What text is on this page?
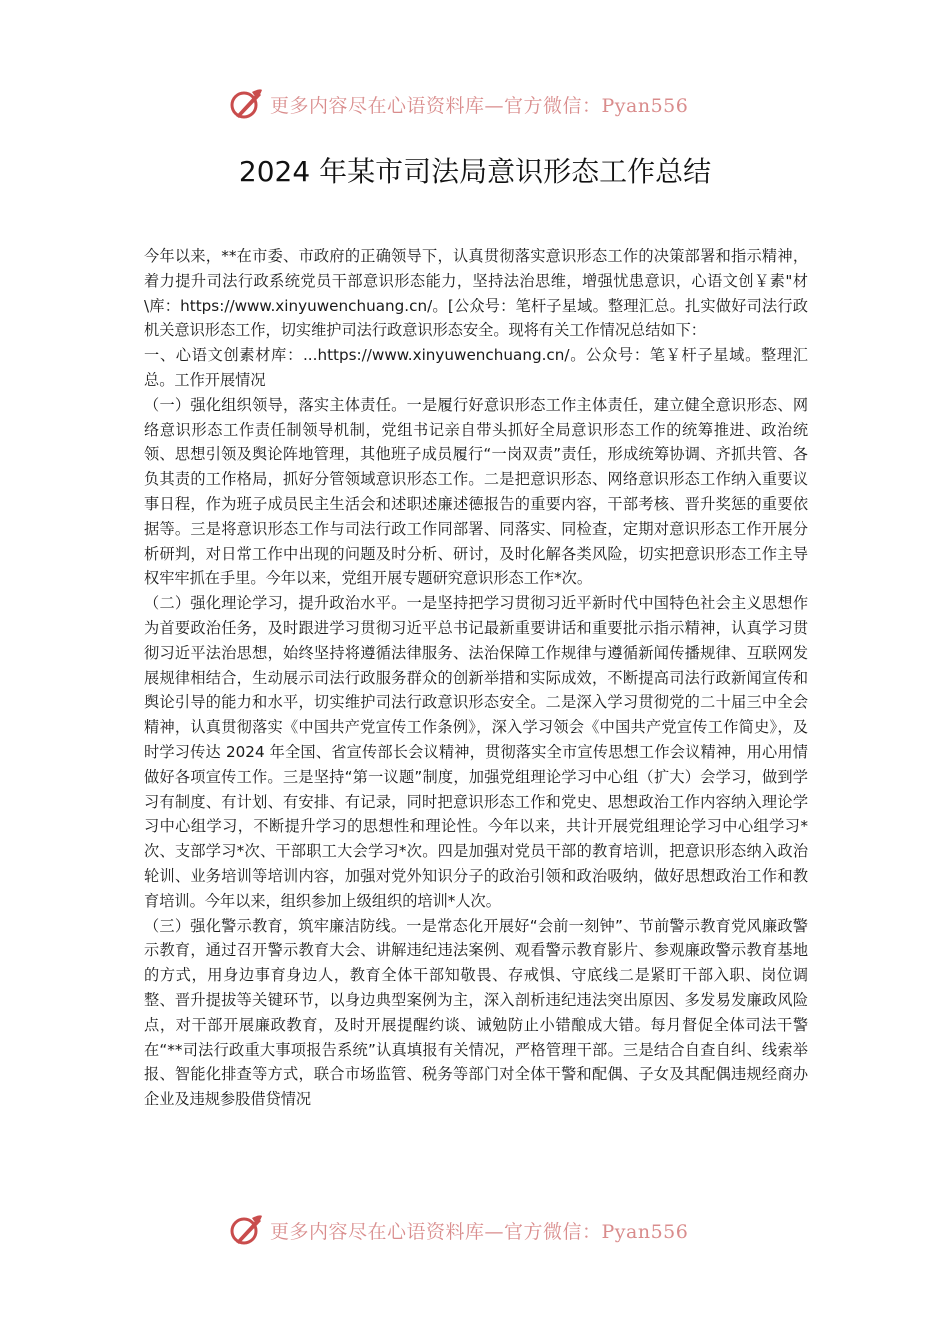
更多内容尽在心语资料库—官方微信：Pyan556
2024 年某市司法局意识形态工作总结

今年以来，**在市委、市政府的正确领导下，认真贯彻落实意识形态工作的决策部署和指示精神，着力提升司法行政系统党员干部意识形态能力，坚持法治思维，增强忧患意识，心语文创￥素"材\库：https://www.xinyuwenchuang.cn/。[公众号：笔杆子星域。整理汇总。扎实做好司法行政机关意识形态工作，切实维护司法行政意识形态安全。现将有关工作情况总结如下：

一、心语文创素材库：...https://www.xinyuwenchuang.cn/。公众号：笔￥杆子星域。整理汇总。工作开展情况

（一）强化组织领导，落实主体责任。一是履行好意识形态工作主体责任，建立健全意识形态、网络意识形态工作责任制领导机制，党组书记亲自带头抓好全局意识形态工作的统筹推进、政治统领、思想引领及舆论阵地管理，其他班子成员履行“一岗双责”责任，形成统筹协调、齐抓共管、各负其责的工作格局，抓好分管领域意识形态工作。二是把意识形态、网络意识形态工作纳入重要议事日程，作为班子成员民主生活会和述职述廉述德报告的重要内容，干部考核、晋升奖惩的重要依据等。三是将意识形态工作与司法行政工作同部署、同落实、同检查，定期对意识形态工作开展分析研判，对日常工作中出现的问题及时分析、研讨，及时化解各类风险，切实把意识形态工作主导权牢牢抓在手里。今年以来，党组开展专题研究意识形态工作*次。

（二）强化理论学习，提升政治水平。一是坚持把学习贯彻习近平新时代中国特色社会主义思想作为首要政治任务，及时跟进学习贯彻习近平总书记最新重要讲话和重要批示指示精神，认真学习贯彻习近平法治思想，始终坚持将遵循法律服务、法治保障工作规律与遵循新闻传播规律、互联网发展规律相结合，生动展示司法行政服务群众的创新举措和实际成效，不断提高司法行政新闻宣传和舆论引导的能力和水平，切实维护司法行政意识形态安全。二是深入学习贯彻党的二十届三中全会精神，认真贯彻落实《中国共产党宣传工作条例》，深入学习领会《中国共产党宣传工作简史》，及时学习传达 2024 年全国、省宣传部长会议精神，贯彻落实全市宣传思想工作会议精神，用心用情做好各项宣传工作。三是坚持“第一议题”制度，加强党组理论学习中心组（扩大）会学习，做到学习有制度、有计划、有安排、有记录，同时把意识形态工作和党史、思想政治工作内容纳入理论学习中心组学习，不断提升学习的思想性和理论性。今年以来，共计开展党组理论学习中心组学习*次、支部学习*次、干部职工大会学习*次。四是加强对党员干部的教育培训，把意识形态纳入政治轮训、业务培训等培训内容，加强对党外知识分子的政治引领和政治吸纳，做好思想政治工作和教育培训。今年以来，组织参加上级组织的培训*人次。

（三）强化警示教育，筑牢廉洁防线。一是常态化开展好“会前一刻钟”、节前警示教育党风廉政警示教育，通过召开警示教育大会、讲解违纪违法案例、观看警示教育影片、参观廉政警示教育基地的方式，用身边事育身边人，教育全体干部知敬畏、存戒惧、守底线二是紧盯干部入职、岗位调整、晋升提拔等关键环节，以身边典型案例为主，深入剖析违纪违法突出原因、多发易发廉政风险点，对干部开展廉政教育，及时开展提醒约谈、诫勉防止小错酿成大错。每月督促全体司法干警在“**司法行政重大事项报告系统”认真填报有关情况，严格管理干部。三是结合自查自纠、线索举报、智能化排查等方式，联合市场监管、税务等部门对全体干警和配偶、子女及其配偶违规经商办企业及违规参股借贷情况

更多内容尽在心语资料库—官方微信：Pyan556
